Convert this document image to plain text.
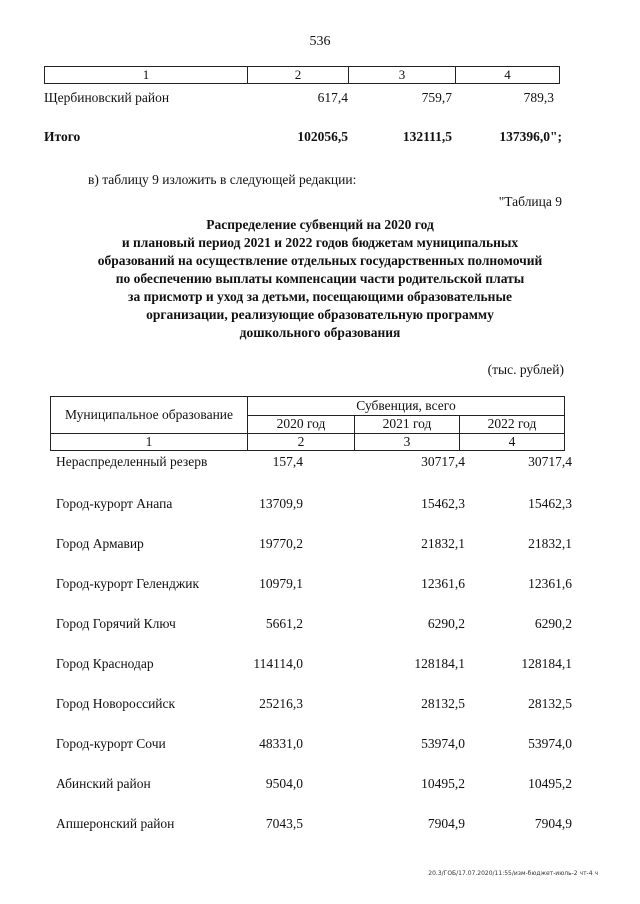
536
1	2	3	4
Щербиновский район	617,4	759,7	789,3
Итого	102056,5	132111,5	137396,0";
в) таблицу 9 изложить в следующей редакции:
"Таблица 9
Распределение субвенций на 2020 год
и плановый период 2021 и 2022 годов бюджетам муниципальных
образований на осуществление отдельных государственных полномочий
по обеспечению выплаты компенсации части родительской платы
за присмотр и уход за детьми, посещающими образовательные
организации, реализующие образовательную программу
дошкольного образования
(тыс. рублей)
Муниципальное образование	Субвенция, всего		
	2020 год	2021 год	2022 год
1	2	3	4
Нераспределенный резерв	157,4	30717,4	30717,4
Город-курорт Анапа	13709,9	15462,3	15462,3
Город Армавир	19770,2	21832,1	21832,1
Город-курорт Геленджик	10979,1	12361,6	12361,6
Город Горячий Ключ	5661,2	6290,2	6290,2
Город Краснодар	114114,0	128184,1	128184,1
Город Новороссийск	25216,3	28132,5	28132,5
Город-курорт Сочи	48331,0	53974,0	53974,0
Абинский район	9504,0	10495,2	10495,2
Апшеронский район	7043,5	7904,9	7904,9
20.3/ГОБ/17.07.2020/11:55/изм-бюджет-июль-2 чт-4 ч
